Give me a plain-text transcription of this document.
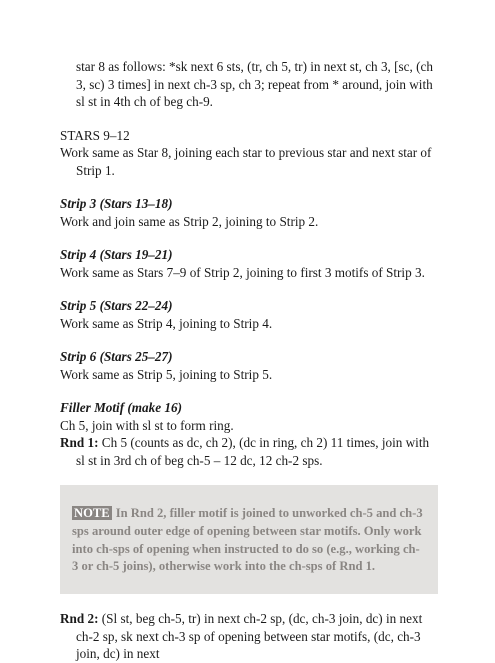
star 8 as follows: *sk next 6 sts, (tr, ch 5, tr) in next st, ch 3, [sc, (ch 3, sc) 3 times] in next ch-3 sp, ch 3; repeat from * around, join with sl st in 4th ch of beg ch-9.

STARS 9–12

Work same as Star 8, joining each star to previous star and next star of Strip 1.

Strip 3 (Stars 13–18)

Work and join same as Strip 2, joining to Strip 2.

Strip 4 (Stars 19–21)

Work same as Stars 7–9 of Strip 2, joining to first 3 motifs of Strip 3.

Strip 5 (Stars 22–24)

Work same as Strip 4, joining to Strip 4.

Strip 6 (Stars 25–27)

Work same as Strip 5, joining to Strip 5.

Filler Motif (make 16)

Ch 5, join with sl st to form ring.

Rnd 1: Ch 5 (counts as dc, ch 2), (dc in ring, ch 2) 11 times, join with sl st in 3rd ch of beg ch-5 – 12 dc, 12 ch-2 sps.

NOTE In Rnd 2, filler motif is joined to unworked ch-5 and ch-3 sps around outer edge of opening between star motifs. Only work into ch-sps of opening when instructed to do so (e.g., working ch-3 or ch-5 joins), otherwise work into the ch-sps of Rnd 1.

Rnd 2: (Sl st, beg ch-5, tr) in next ch-2 sp, (dc, ch-3 join, dc) in next ch-2 sp, sk next ch-3 sp of opening between star motifs, (dc, ch-3 join, dc) in next
